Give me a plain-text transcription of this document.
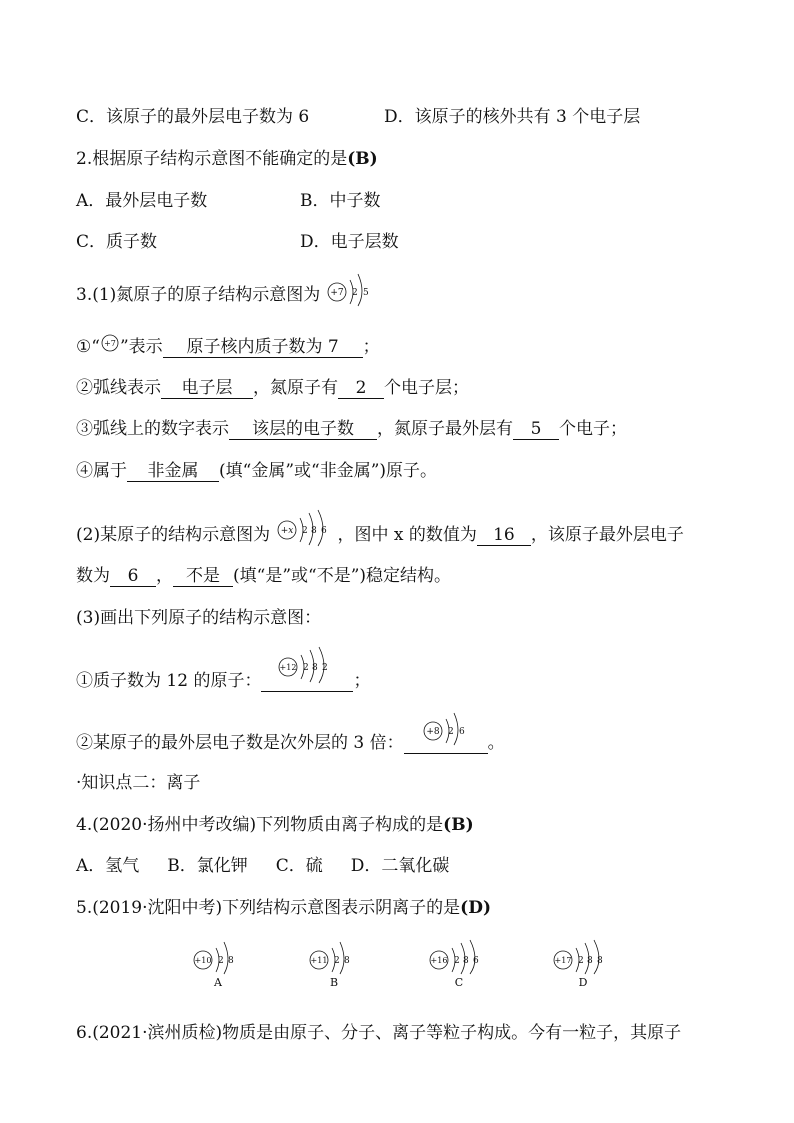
C．该原子的最外层电子数为 6	D．该原子的核外共有 3 个电子层
2.根据原子结构示意图不能确定的是(B)
A．最外层电子数	B．中子数
C．质子数	D．电子层数
3.(1)氮原子的原子结构示意图为 +7 2 5
①“ +7 ”表示 原子核内质子数为 7 ；
②弧线表示 电子层 ，氮原子有 2 个电子层；
③弧线上的数字表示 该层的电子数 ，氮原子最外层有 5 个电子；
④属于 非金属 (填“金属”或“非金属”)原子。
(2)某原子的结构示意图为 +x 2 8 6 ，图中 x 的数值为 16 ，该原子最外层电子
数为 6 ， 不是 (填“是”或“不是”)稳定结构。
(3)画出下列原子的结构示意图：
①质子数为 12 的原子：
+12 2 8 2
；
②某原子的最外层电子数是次外层的 3 倍：
+8 2 6
。
·知识点二：离子
4.(2020·扬州中考改编)下列物质由离子构成的是(B)
A．氢气 B．氯化钾 C．硫 D．二氧化碳
5.(2019·沈阳中考)下列结构示意图表示阴离子的是(D)
+10 2 8
A
+11 2 8
B
+16 2 8 6
C
+17 2 8 8
D
6.(2021·滨州质检)物质是由原子、分子、离子等粒子构成。今有一粒子，其原子
